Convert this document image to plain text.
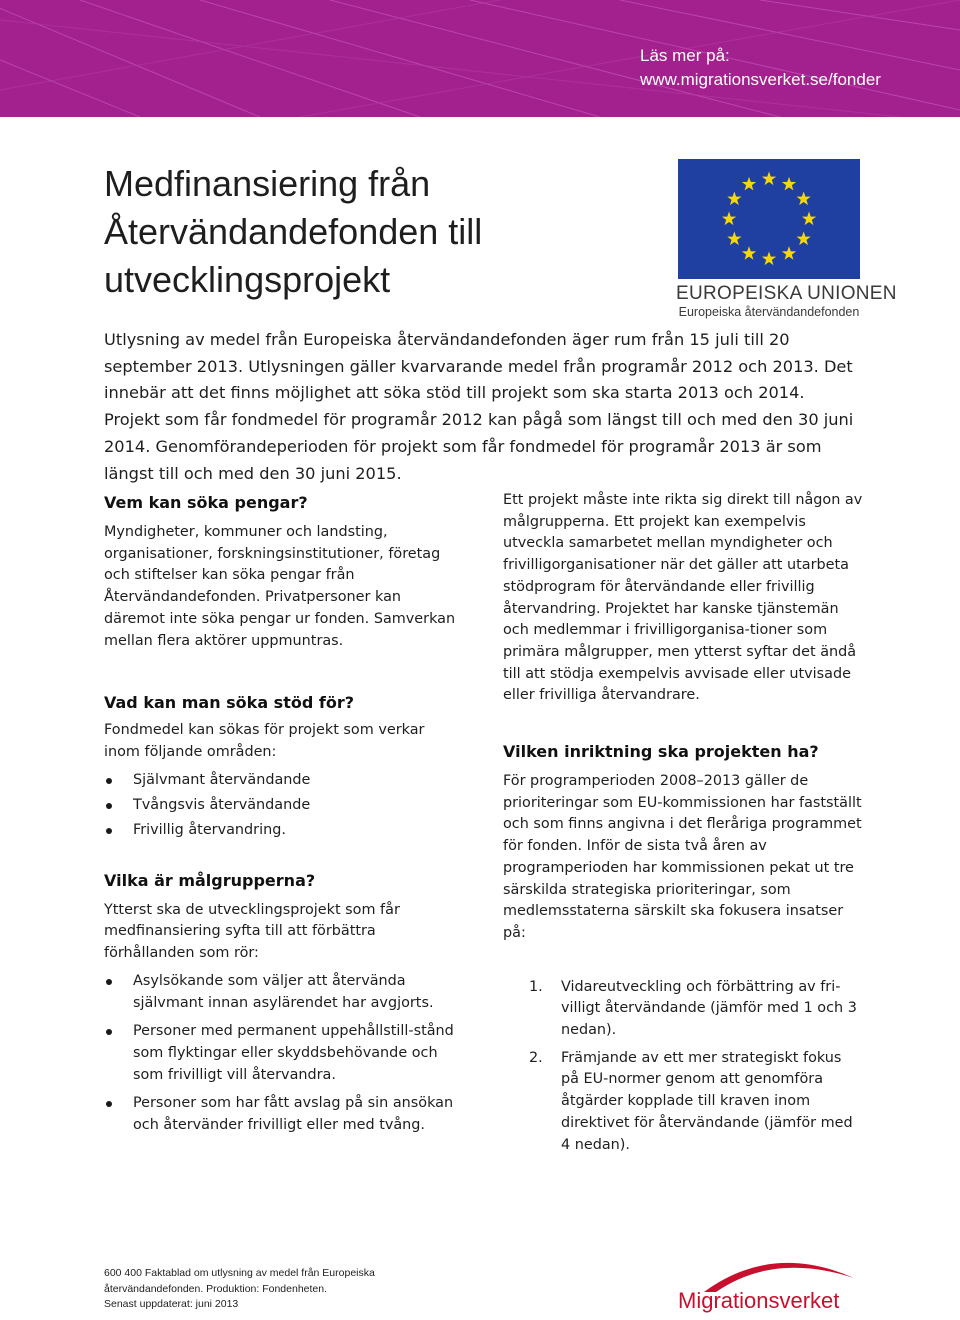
Läs mer på:
www.migrationsverket.se/fonder
Medfinansiering från
Återvändandefonden till
utvecklingsprojekt	EUROPEISKA UNIONEN
Europeiska återvändandefonden

Utlysning av medel från Europeiska återvändandefonden äger rum från 15 juli till 20 september 2013. Utlysningen gäller kvarvarande medel från programår 2012 och 2013. Det innebär att det finns möjlighet att söka stöd till projekt som ska starta 2013 och 2014. Projekt som får fondmedel för programår 2012 kan pågå som längst till och med den 30 juni 2014. Genomförandeperioden för projekt som får fondmedel för programår 2013 är som längst till och med den 30 juni 2015.

Vem kan söka pengar?

Myndigheter, kommuner och landsting, organisationer, forskningsinstitutioner, företag och stiftelser kan söka pengar från Återvändandefonden. Privatpersoner kan däremot inte söka pengar ur fonden. Samverkan mellan flera aktörer uppmuntras.

Vad kan man söka stöd för?

Fondmedel kan sökas för projekt som verkar inom följande områden:

Självmant återvändande
Tvångsvis återvändande
Frivillig återvandring.
Vilka är målgrupperna?

Ytterst ska de utvecklingsprojekt som får medfinansiering syfta till att förbättra förhållanden som rör:

Asylsökande som väljer att återvända självmant innan asylärendet har avgjorts.
Personer med permanent uppehållstill-stånd som flyktingar eller skyddsbehövande och som frivilligt vill återvandra.
Personer som har fått avslag på sin ansökan och återvänder frivilligt eller med tvång.

Ett projekt måste inte rikta sig direkt till någon av målgrupperna. Ett projekt kan exempelvis utveckla samarbetet mellan myndigheter och frivilligorganisationer när det gäller att utarbeta stödprogram för återvändande eller frivillig återvandring. Projektet har kanske tjänstemän och medlemmar i frivilligorganisa-tioner som primära målgrupper, men ytterst syftar det ändå till att stödja exempelvis avvisade eller utvisade eller frivilliga återvandrare.

Vilken inriktning ska projekten ha?

För programperioden 2008–2013 gäller de prioriteringar som EU-kommissionen har fastställt och som finns angivna i det fleråriga programmet för fonden. Inför de sista två åren av programperioden har kommissionen pekat ut tre särskilda strategiska prioriteringar, som medlemsstaterna särskilt ska fokusera insatser på:

1. Vidareutveckling och förbättring av fri-villigt återvändande (jämför med 1 och 3 nedan).
2. Främjande av ett mer strategiskt fokus på EU-normer genom att genomföra åtgärder kopplade till kraven inom direktivet för återvändande (jämför med 4 nedan).
600 400 Faktablad om utlysning av medel från Europeiska
återvändandefonden. Produktion: Fondenheten.
Senast uppdaterat: juni 2013	Migrationsverket
